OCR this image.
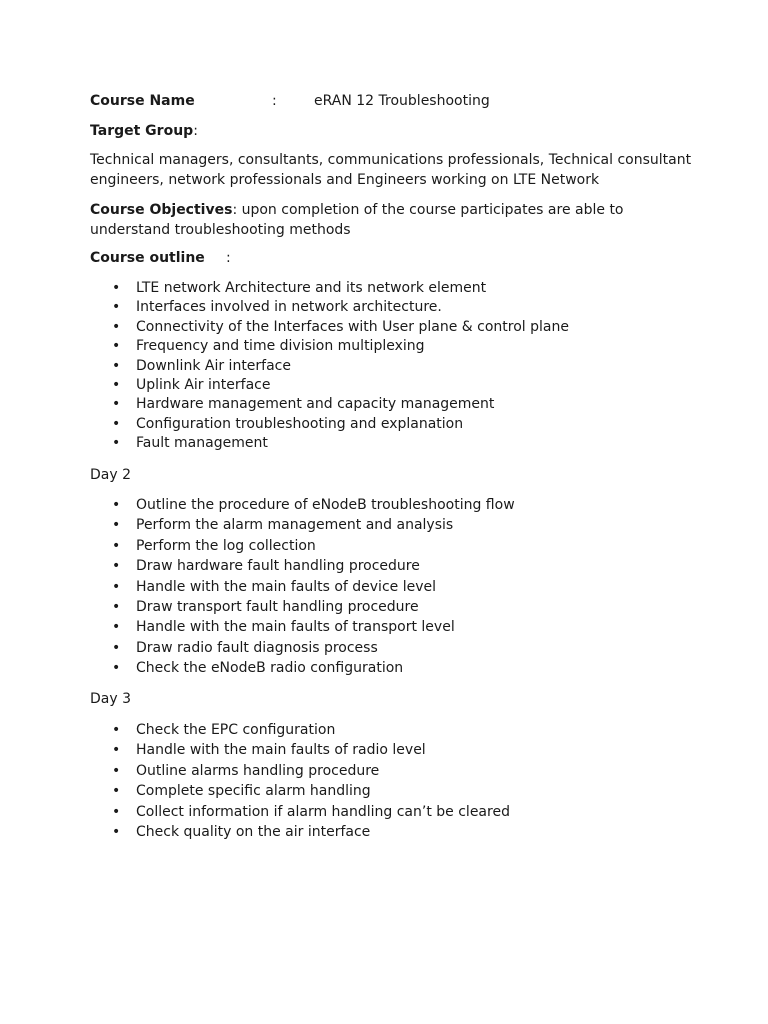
Course Name	:	eRAN 12 Troubleshooting
Target Group:
Technical managers, consultants, communications professionals, Technical consultant
engineers, network professionals and Engineers working on LTE Network
Course Objectives: upon completion of the course participates are able to
understand troubleshooting methods
Course outline :
• LTE network Architecture and its network element
• Interfaces involved in network architecture.
• Connectivity of the Interfaces with User plane & control plane
• Frequency and time division multiplexing
• Downlink Air interface
• Uplink Air interface
• Hardware management and capacity management
• Configuration troubleshooting and explanation
• Fault management
Day 2
• Outline the procedure of eNodeB troubleshooting flow
• Perform the alarm management and analysis
• Perform the log collection
• Draw hardware fault handling procedure
• Handle with the main faults of device level
• Draw transport fault handling procedure
• Handle with the main faults of transport level
• Draw radio fault diagnosis process
• Check the eNodeB radio configuration
Day 3
• Check the EPC configuration
• Handle with the main faults of radio level
• Outline alarms handling procedure
• Complete specific alarm handling
• Collect information if alarm handling can’t be cleared
• Check quality on the air interface
